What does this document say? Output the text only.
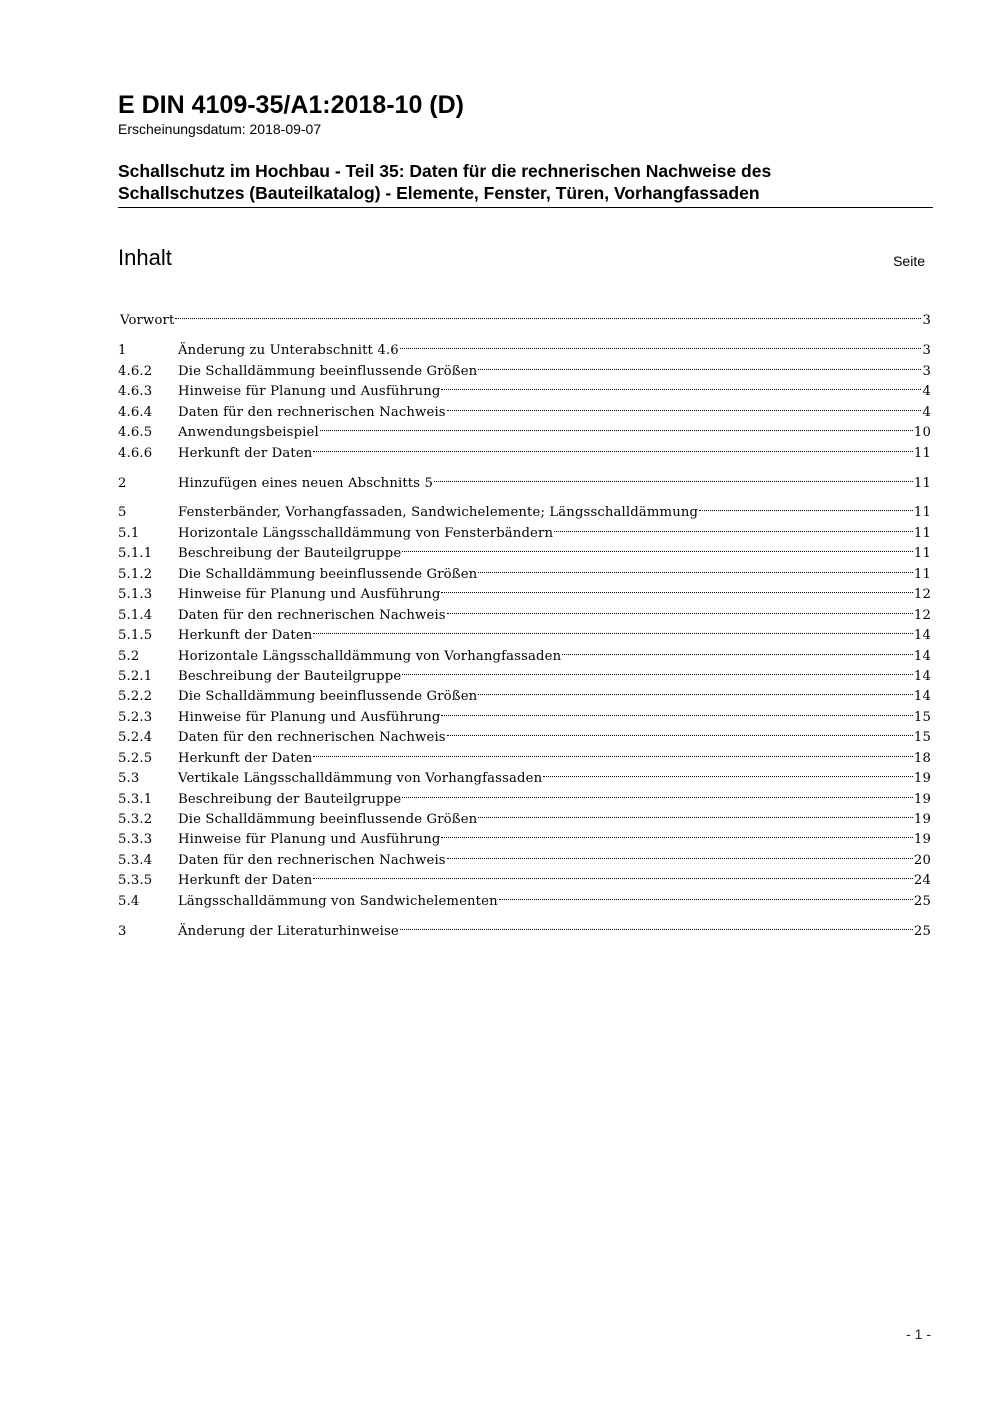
E DIN 4109-35/A1:2018-10 (D)
Erscheinungsdatum: 2018-09-07
Schallschutz im Hochbau - Teil 35: Daten für die rechnerischen Nachweise des
Schallschutzes (Bauteilkatalog) - Elemente, Fenster, Türen, Vorhangfassaden
Inhalt	Seite
Vorwort	3
1	Änderung zu Unterabschnitt 4.6	3
4.6.2	Die Schalldämmung beeinflussende Größen	3
4.6.3	Hinweise für Planung und Ausführung	4
4.6.4	Daten für den rechnerischen Nachweis	4
4.6.5	Anwendungsbeispiel	10
4.6.6	Herkunft der Daten	11
2	Hinzufügen eines neuen Abschnitts 5	11
5	Fensterbänder, Vorhangfassaden, Sandwichelemente; Längsschalldämmung	11
5.1	Horizontale Längsschalldämmung von Fensterbändern	11
5.1.1	Beschreibung der Bauteilgruppe	11
5.1.2	Die Schalldämmung beeinflussende Größen	11
5.1.3	Hinweise für Planung und Ausführung	12
5.1.4	Daten für den rechnerischen Nachweis	12
5.1.5	Herkunft der Daten	14
5.2	Horizontale Längsschalldämmung von Vorhangfassaden	14
5.2.1	Beschreibung der Bauteilgruppe	14
5.2.2	Die Schalldämmung beeinflussende Größen	14
5.2.3	Hinweise für Planung und Ausführung	15
5.2.4	Daten für den rechnerischen Nachweis	15
5.2.5	Herkunft der Daten	18
5.3	Vertikale Längsschalldämmung von Vorhangfassaden	19
5.3.1	Beschreibung der Bauteilgruppe	19
5.3.2	Die Schalldämmung beeinflussende Größen	19
5.3.3	Hinweise für Planung und Ausführung	19
5.3.4	Daten für den rechnerischen Nachweis	20
5.3.5	Herkunft der Daten	24
5.4	Längsschalldämmung von Sandwichelementen	25
3	Änderung der Literaturhinweise	25
- 1 -
